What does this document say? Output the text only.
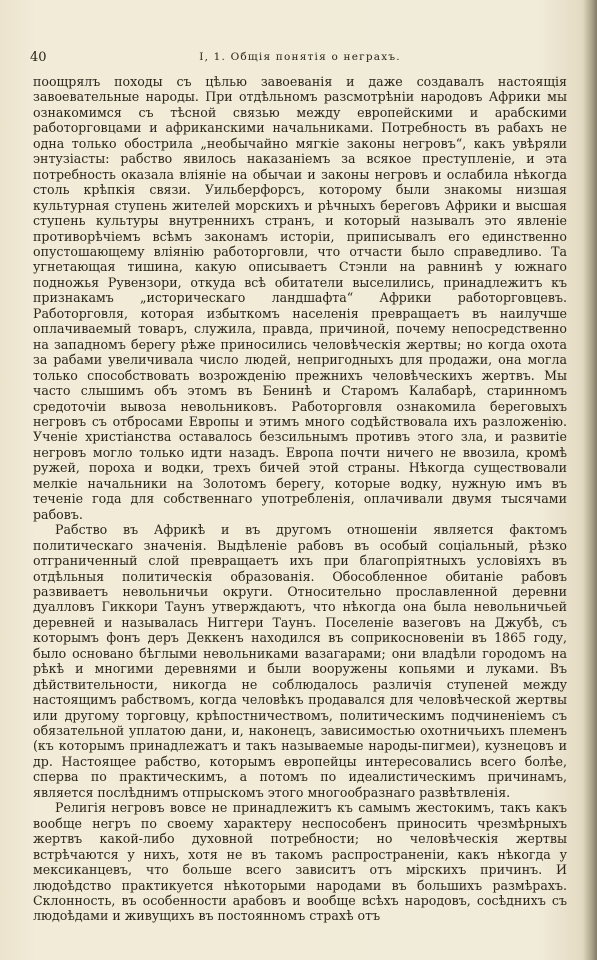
40	I, 1. Общія понятія о неграхъ.

поощрялъ походы съ цѣлью завоеванія и даже создавалъ настоящія завоевательные народы. При отдѣльномъ разсмотрѣніи народовъ Африки мы ознакомимся съ тѣсной связью между европейскими и арабскими работорговцами и африканскими начальниками. Потребность въ рабахъ не одна только обострила „необычайно мягкіе законы негровъ“, какъ увѣряли энтузіасты: рабство явилось наказаніемъ за всякое преступленіе, и эта потребность оказала вліяніе на обычаи и законы негровъ и ослабила нѣкогда столь крѣпкія связи. Уильберфорсъ, которому были знакомы низшая культурная ступень жителей морскихъ и рѣчныхъ береговъ Африки и высшая ступень культуры внутреннихъ странъ, и который называлъ это явленіе противорѣчіемъ всѣмъ законамъ исторіи, приписывалъ его единственно опустошающему вліянію работорговли, что отчасти было справедливо. Та угнетающая тишина, какую описываетъ Стэнли на равнинѣ у южнаго подножья Рувензори, откуда всѣ обитатели выселились, принадлежитъ къ признакамъ „историческаго ландшафта“ Африки работорговцевъ. Работорговля, которая избыткомъ населенія превращаетъ въ наилучше оплачиваемый товаръ, служила, правда, причиной, почему непосредственно на западномъ берегу рѣже приносились человѣческія жертвы; но когда охота за рабами увеличивала число людей, непригодныхъ для продажи, она могла только способствовать возрожденію прежнихъ человѣческихъ жертвъ. Мы часто слышимъ объ этомъ въ Бенинѣ и Старомъ Калабарѣ, старинномъ средоточіи вывоза невольниковъ. Работорговля ознакомила береговыхъ негровъ съ отбросами Европы и этимъ много содѣйствовала ихъ разложенію. Ученіе христіанства оставалось безсильнымъ противъ этого зла, и развитіе негровъ могло только идти назадъ. Европа почти ничего не ввозила, кромѣ ружей, пороха и водки, трехъ бичей этой страны. Нѣкогда существовали мелкіе начальники на Золотомъ берегу, которые водку, нужную имъ въ теченіе года для собственнаго употребленія, оплачивали двумя тысячами рабовъ.

Рабство въ Африкѣ и въ другомъ отношеніи является фактомъ политическаго значенія. Выдѣленіе рабовъ въ особый соціальный, рѣзко отграниченный слой превращаетъ ихъ при благопріятныхъ условіяхъ въ отдѣльныя политическія образованія. Обособленное обитаніе рабовъ развиваетъ невольничьи округи. Относительно прославленной деревни дуалловъ Гиккори Таунъ утверждаютъ, что нѣкогда она была невольничьей деревней и называлась Ниггери Таунъ. Поселеніе вазеговъ на Джубѣ, съ которымъ фонъ деръ Деккенъ находился въ соприкосновеніи въ 1865 году, было основано бѣглыми невольниками вазагарами; они владѣли городомъ на рѣкѣ и многими деревнями и были вооружены копьями и луками. Въ дѣйствительности, никогда не соблюдалось различія ступеней между настоящимъ рабствомъ, когда человѣкъ продавался для человѣческой жертвы или другому торговцу, крѣпостничествомъ, политическимъ подчиненіемъ съ обязательной уплатою дани, и, наконецъ, зависимостью охотничьихъ племенъ (къ которымъ принадлежатъ и такъ называемые народы-пигмеи), кузнецовъ и др. Настоящее рабство, которымъ европейцы интересовались всего болѣе, сперва по практическимъ, а потомъ по идеалистическимъ причинамъ, является послѣднимъ отпрыскомъ этого многообразнаго развѣтвленія.

Религія негровъ вовсе не принадлежитъ къ самымъ жестокимъ, такъ какъ вообще негръ по своему характеру неспособенъ приносить чрезмѣрныхъ жертвъ какой-либо духовной потребности; но человѣческія жертвы встрѣчаются у нихъ, хотя не въ такомъ распространеніи, какъ нѣкогда у мексиканцевъ, что больше всего зависитъ отъ мірскихъ причинъ. И людоѣдство практикуется нѣкоторыми народами въ большихъ размѣрахъ. Склонность, въ особенности арабовъ и вообще всѣхъ народовъ, сосѣднихъ съ людоѣдами и живущихъ въ постоянномъ страхѣ отъ
